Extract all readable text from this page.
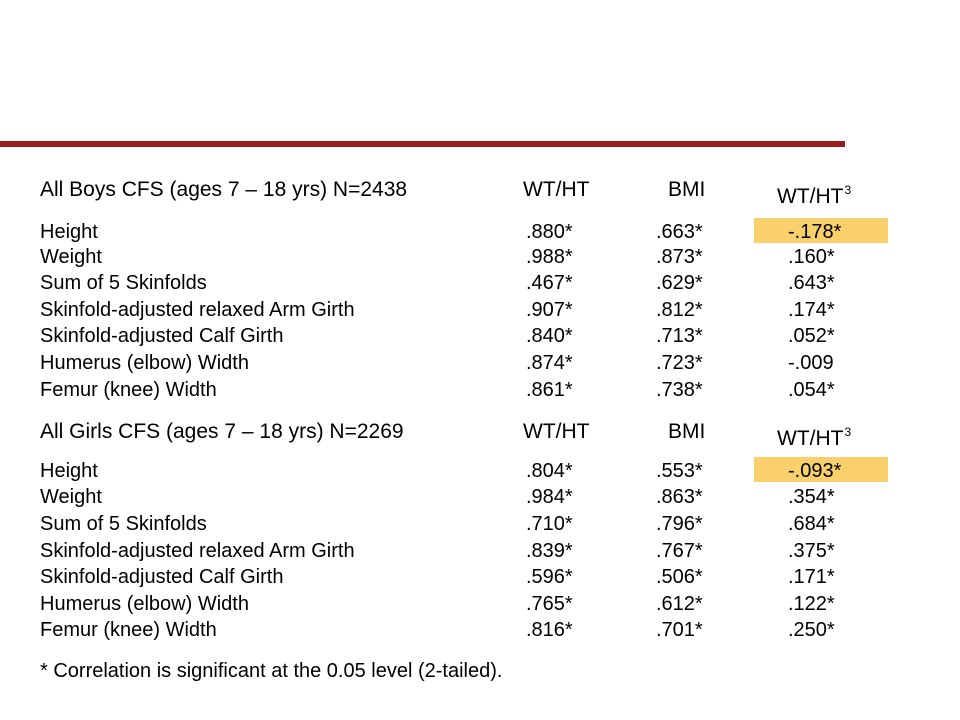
All Boys CFS (ages 7 – 18 yrs) N=2438	WT/HT	BMI	$WT/HT^3$
Height	.880*	.663*	-.178*
Weight	.988*	.873*	.160*
Sum of 5 Skinfolds	.467*	.629*	.643*
Skinfold-adjusted relaxed Arm Girth	.907*	.812*	.174*
Skinfold-adjusted Calf Girth	.840*	.713*	.052*
Humerus (elbow) Width	.874*	.723*	-.009
Femur (knee) Width	.861*	.738*	.054*
All Girls CFS (ages 7 – 18 yrs) N=2269	WT/HT	BMI	$WT/HT^3$
Height	.804*	.553*	-.093*
Weight	.984*	.863*	.354*
Sum of 5 Skinfolds	.710*	.796*	.684*
Skinfold-adjusted relaxed Arm Girth	.839*	.767*	.375*
Skinfold-adjusted Calf Girth	.596*	.506*	.171*
Humerus (elbow) Width	.765*	.612*	.122*
Femur (knee) Width	.816*	.701*	.250*
* Correlation is significant at the 0.05 level (2-tailed).
